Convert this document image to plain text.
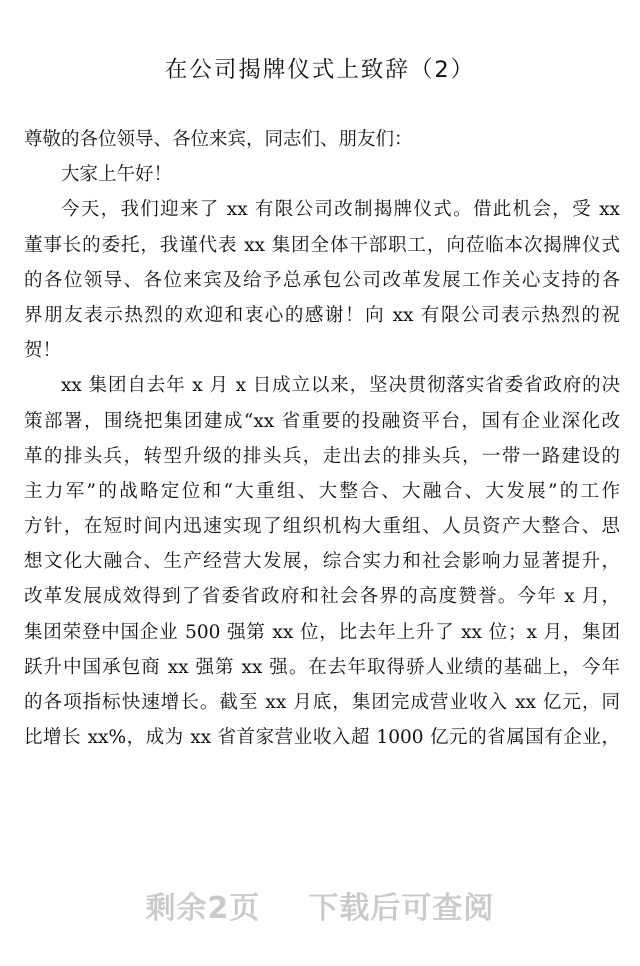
在公司揭牌仪式上致辞（2）
尊敬的各位领导、各位来宾，同志们、朋友们：
大家上午好！
今天，我们迎来了 xx 有限公司改制揭牌仪式。借此机会，受 xx
董事长的委托，我谨代表 xx 集团全体干部职工，向莅临本次揭牌仪式
的各位领导、各位来宾及给予总承包公司改革发展工作关心支持的各
界朋友表示热烈的欢迎和衷心的感谢！向 xx 有限公司表示热烈的祝
贺！
xx 集团自去年 x 月 x 日成立以来，坚决贯彻落实省委省政府的决
策部署，围绕把集团建成“xx 省重要的投融资平台，国有企业深化改
革的排头兵，转型升级的排头兵，走出去的排头兵，一带一路建设的
主力军”的战略定位和“大重组、大整合、大融合、大发展”的工作
方针，在短时间内迅速实现了组织机构大重组、人员资产大整合、思
想文化大融合、生产经营大发展，综合实力和社会影响力显著提升，
改革发展成效得到了省委省政府和社会各界的高度赞誉。今年 x 月，
集团荣登中国企业 500 强第 xx 位，比去年上升了 xx 位；x 月，集团
跃升中国承包商 xx 强第 xx 强。在去年取得骄人业绩的基础上，今年
的各项指标快速增长。截至 xx 月底，集团完成营业收入 xx 亿元，同
比增长 xx%，成为 xx 省首家营业收入超 1000 亿元的省属国有企业，
剩余2页 下载后可查阅
